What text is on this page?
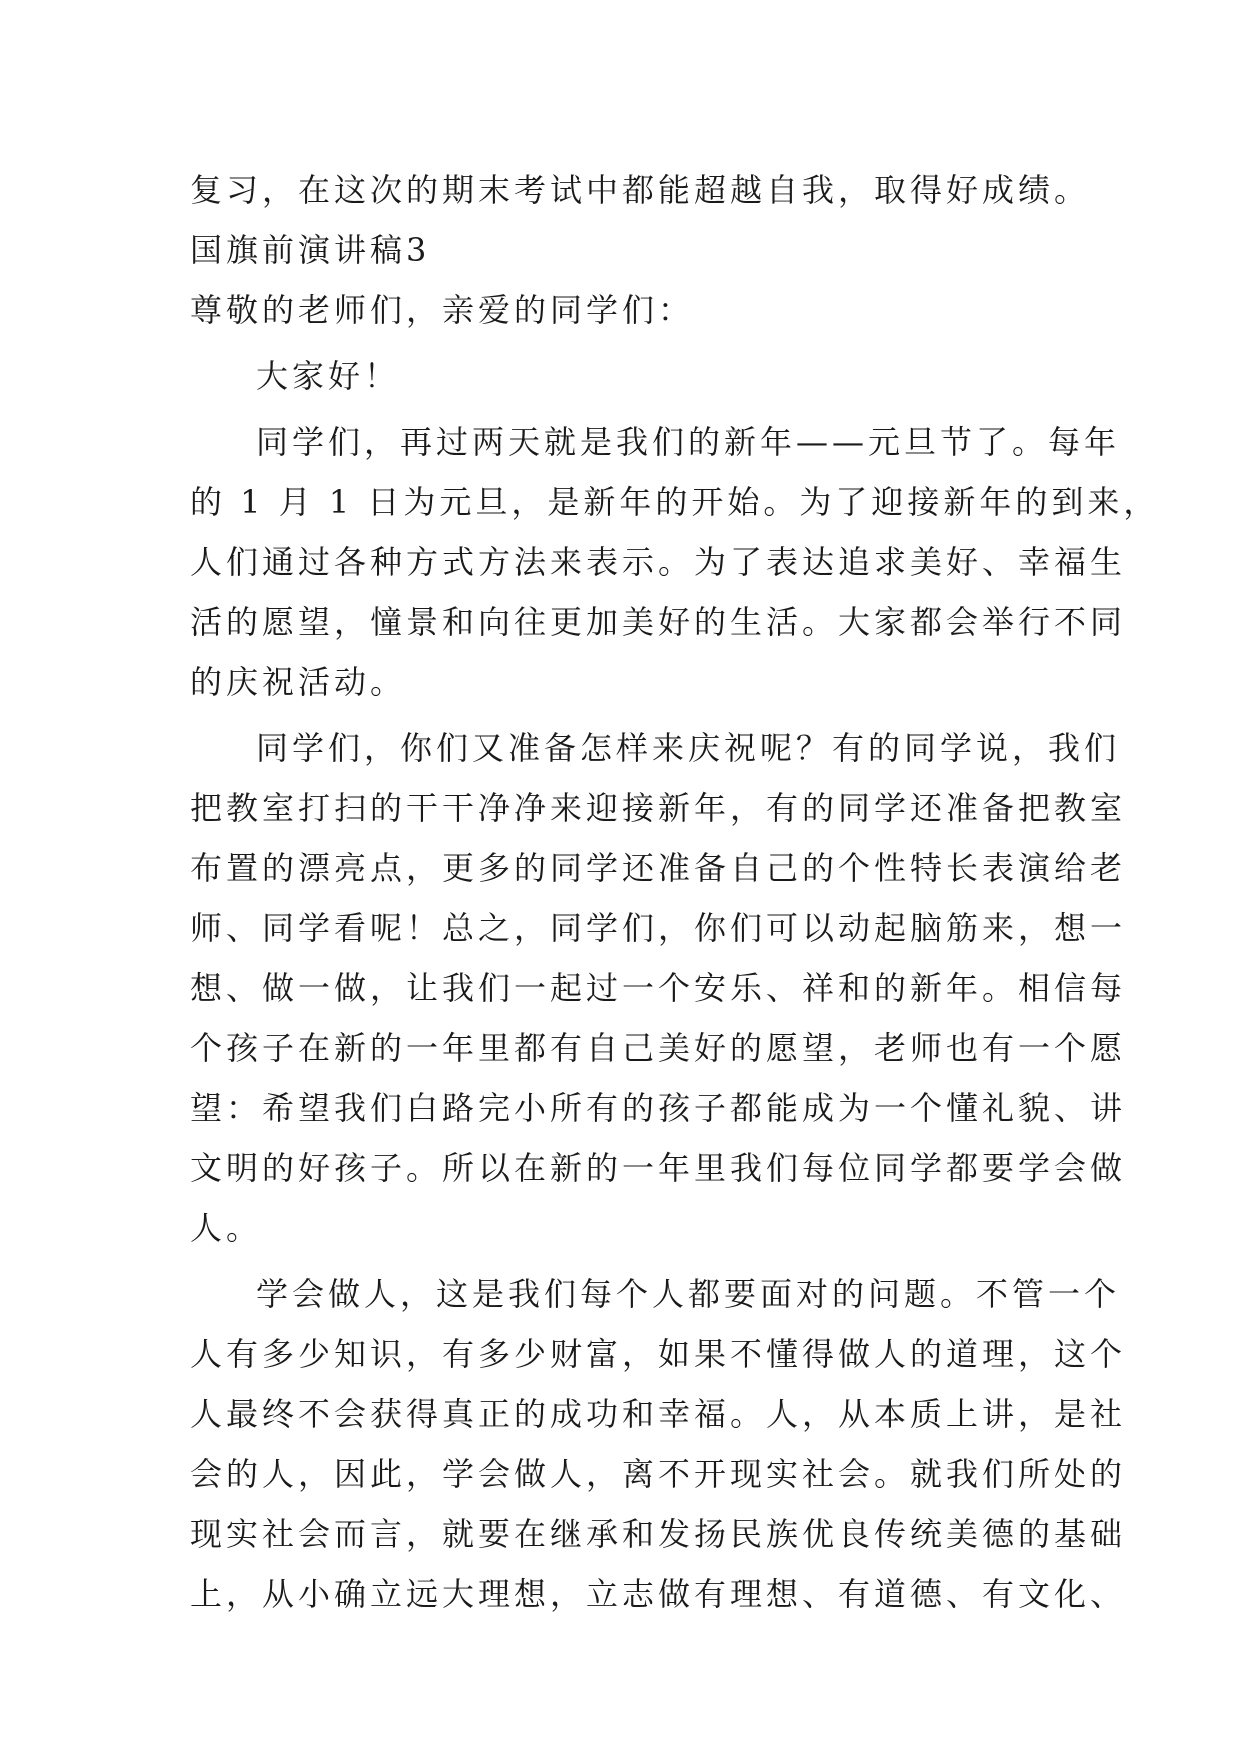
复习，在这次的期末考试中都能超越自我，取得好成绩。
国旗前演讲稿3
尊敬的老师们，亲爱的同学们：
大家好！
同学们，再过两天就是我们的新年——元旦节了。每年
的 1 月 1 日为元旦，是新年的开始。为了迎接新年的到来，
人们通过各种方式方法来表示。为了表达追求美好、幸福生
活的愿望，憧景和向往更加美好的生活。大家都会举行不同
的庆祝活动。
同学们，你们又准备怎样来庆祝呢？有的同学说，我们
把教室打扫的干干净净来迎接新年，有的同学还准备把教室
布置的漂亮点，更多的同学还准备自己的个性特长表演给老
师、同学看呢！总之，同学们，你们可以动起脑筋来，想一
想、做一做，让我们一起过一个安乐、祥和的新年。相信每
个孩子在新的一年里都有自己美好的愿望，老师也有一个愿
望：希望我们白路完小所有的孩子都能成为一个懂礼貌、讲
文明的好孩子。所以在新的一年里我们每位同学都要学会做
人。
学会做人，这是我们每个人都要面对的问题。不管一个
人有多少知识，有多少财富，如果不懂得做人的道理，这个
人最终不会获得真正的成功和幸福。人，从本质上讲，是社
会的人，因此，学会做人，离不开现实社会。就我们所处的
现实社会而言，就要在继承和发扬民族优良传统美德的基础
上，从小确立远大理想，立志做有理想、有道德、有文化、
